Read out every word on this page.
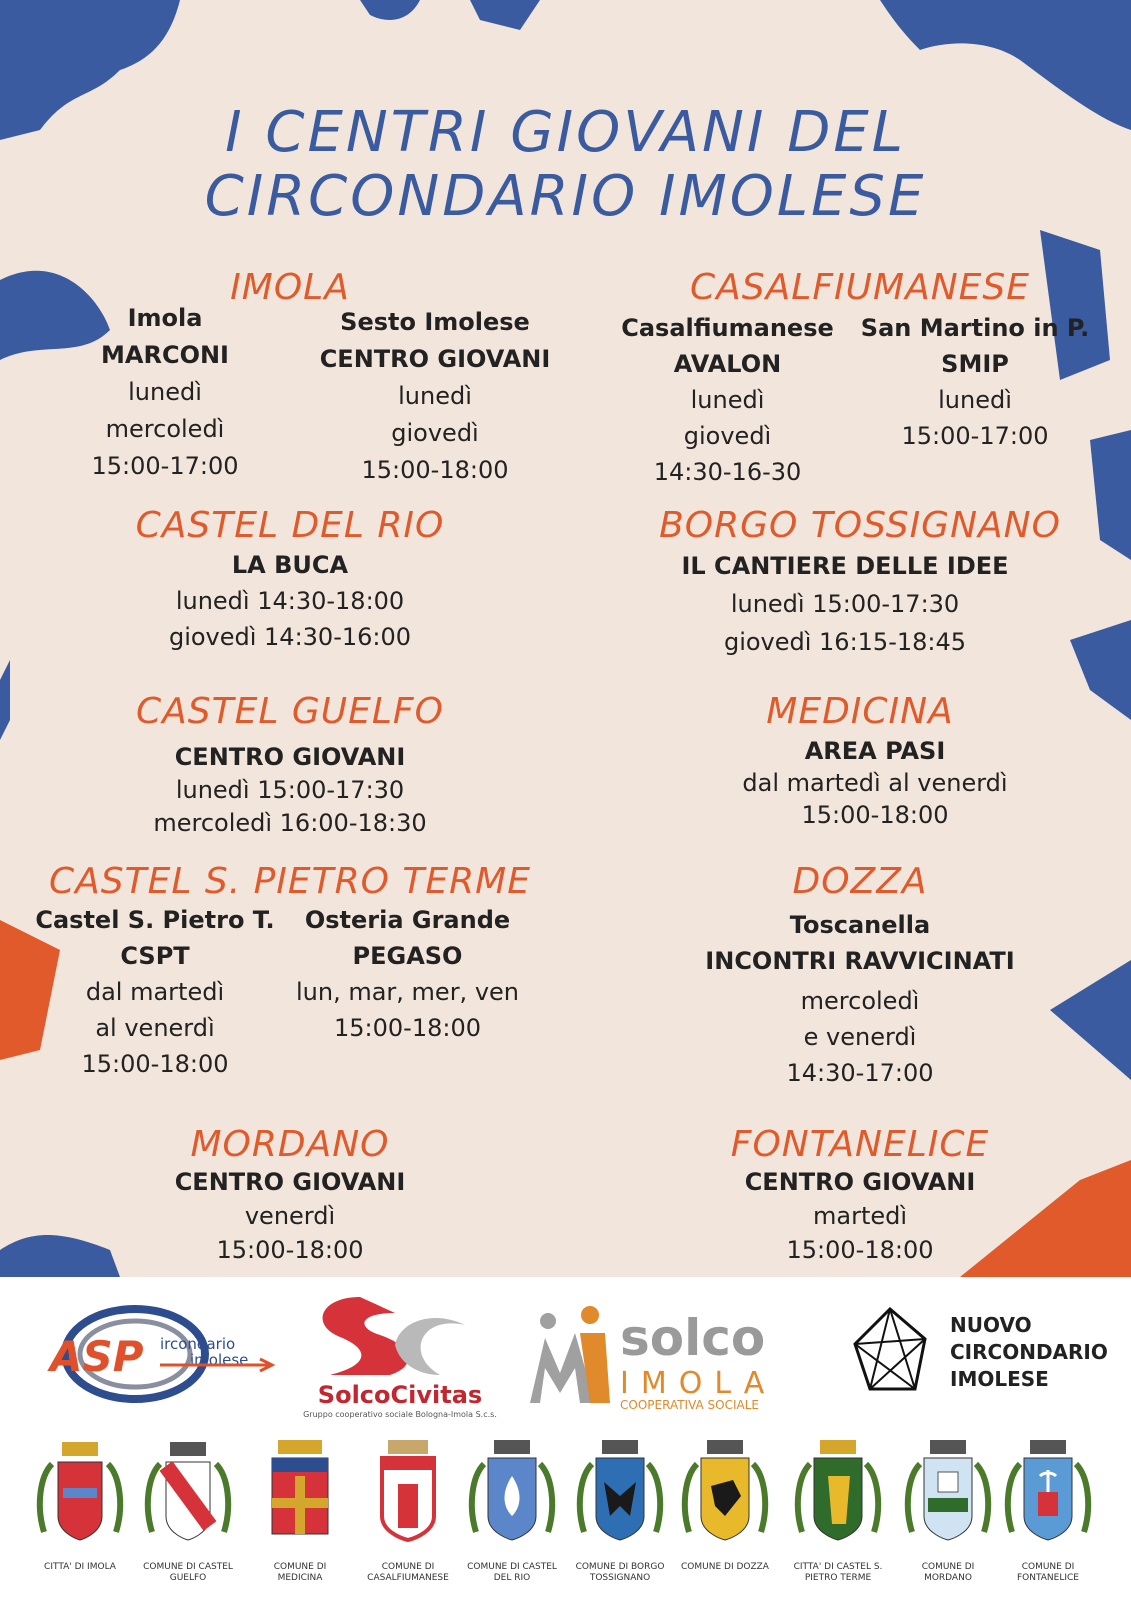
I CENTRI GIOVANI DEL
CIRCONDARIO IMOLESE
IMOLA
Imola
MARCONI
lunedì
mercoledì
15:00-17:00
Sesto Imolese
CENTRO GIOVANI
lunedì
giovedì
15:00-18:00
CASALFIUMANESE
Casalfiumanese
AVALON
lunedì
giovedì
14:30-16-30
San Martino in P.
SMIP
lunedì
15:00-17:00
CASTEL DEL RIO
LA BUCA
lunedì 14:30-18:00
giovedì 14:30-16:00
BORGO TOSSIGNANO
IL CANTIERE DELLE IDEE
lunedì 15:00-17:30
giovedì 16:15-18:45
CASTEL GUELFO
CENTRO GIOVANI
lunedì 15:00-17:30
mercoledì 16:00-18:30
MEDICINA
AREA PASI
dal martedì al venerdì
15:00-18:00
CASTEL S. PIETRO TERME
Castel S. Pietro T.
CSPT
dal martedì
al venerdì
15:00-18:00
Osteria Grande
PEGASO
lun, mar, mer, ven
15:00-18:00
DOZZA
Toscanella
INCONTRI RAVVICINATI
mercoledì
e venerdì
14:30-17:00
MORDANO
CENTRO GIOVANI
venerdì
15:00-18:00
FONTANELICE
CENTRO GIOVANI
martedì
15:00-18:00
ASP ircondario
imolese
SolcoCivitas
Gruppo cooperativo sociale Bologna-Imola S.c.s.
solco
IMOLA
COOPERATIVA SOCIALE
NUOVO
CIRCONDARIO
IMOLESE
CITTA' DI IMOLA	COMUNE DI CASTEL GUELFO
COMUNE DI MEDICINA
COMUNE DI CASALFIUMANESE
COMUNE DI CASTEL DEL RIO
COMUNE DI BORGO TOSSIGNANO
COMUNE DI DOZZA	CITTA' DI CASTEL S. PIETRO TERME
COMUNE DI MORDANO
COMUNE DI FONTANELICE
